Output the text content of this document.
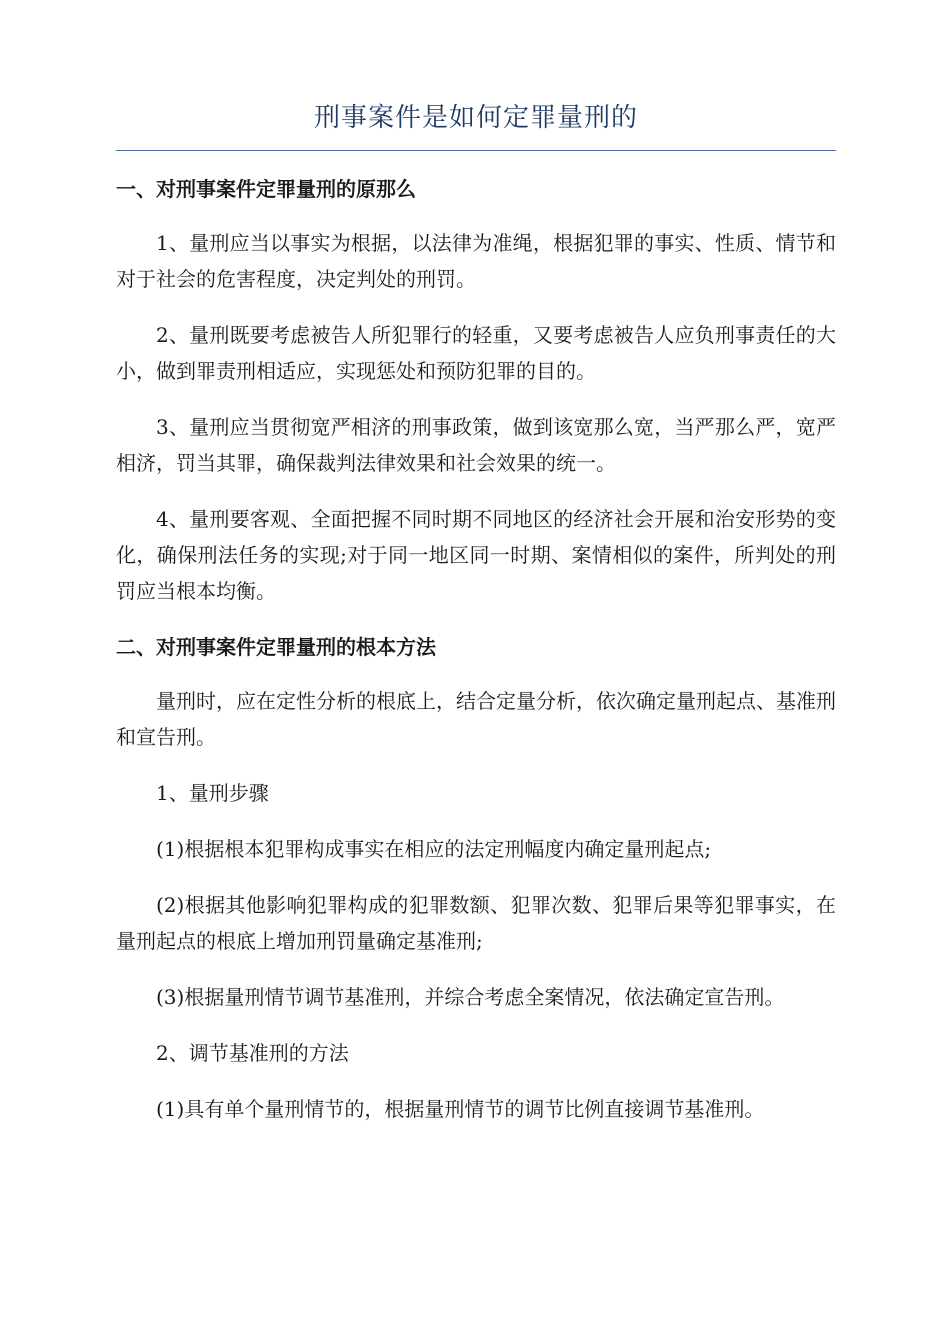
刑事案件是如何定罪量刑的
一、对刑事案件定罪量刑的原那么

1、量刑应当以事实为根据，以法律为准绳，根据犯罪的事实、性质、情节和对于社会的危害程度，决定判处的刑罚。

2、量刑既要考虑被告人所犯罪行的轻重，又要考虑被告人应负刑事责任的大小，做到罪责刑相适应，实现惩处和预防犯罪的目的。

3、量刑应当贯彻宽严相济的刑事政策，做到该宽那么宽，当严那么严，宽严相济，罚当其罪，确保裁判法律效果和社会效果的统一。

4、量刑要客观、全面把握不同时期不同地区的经济社会开展和治安形势的变化，确保刑法任务的实现;对于同一地区同一时期、案情相似的案件，所判处的刑罚应当根本均衡。

二、对刑事案件定罪量刑的根本方法

量刑时，应在定性分析的根底上，结合定量分析，依次确定量刑起点、基准刑和宣告刑。

1、量刑步骤

(1)根据根本犯罪构成事实在相应的法定刑幅度内确定量刑起点;

(2)根据其他影响犯罪构成的犯罪数额、犯罪次数、犯罪后果等犯罪事实，在量刑起点的根底上增加刑罚量确定基准刑;

(3)根据量刑情节调节基准刑，并综合考虑全案情况，依法确定宣告刑。

2、调节基准刑的方法

(1)具有单个量刑情节的，根据量刑情节的调节比例直接调节基准刑。
